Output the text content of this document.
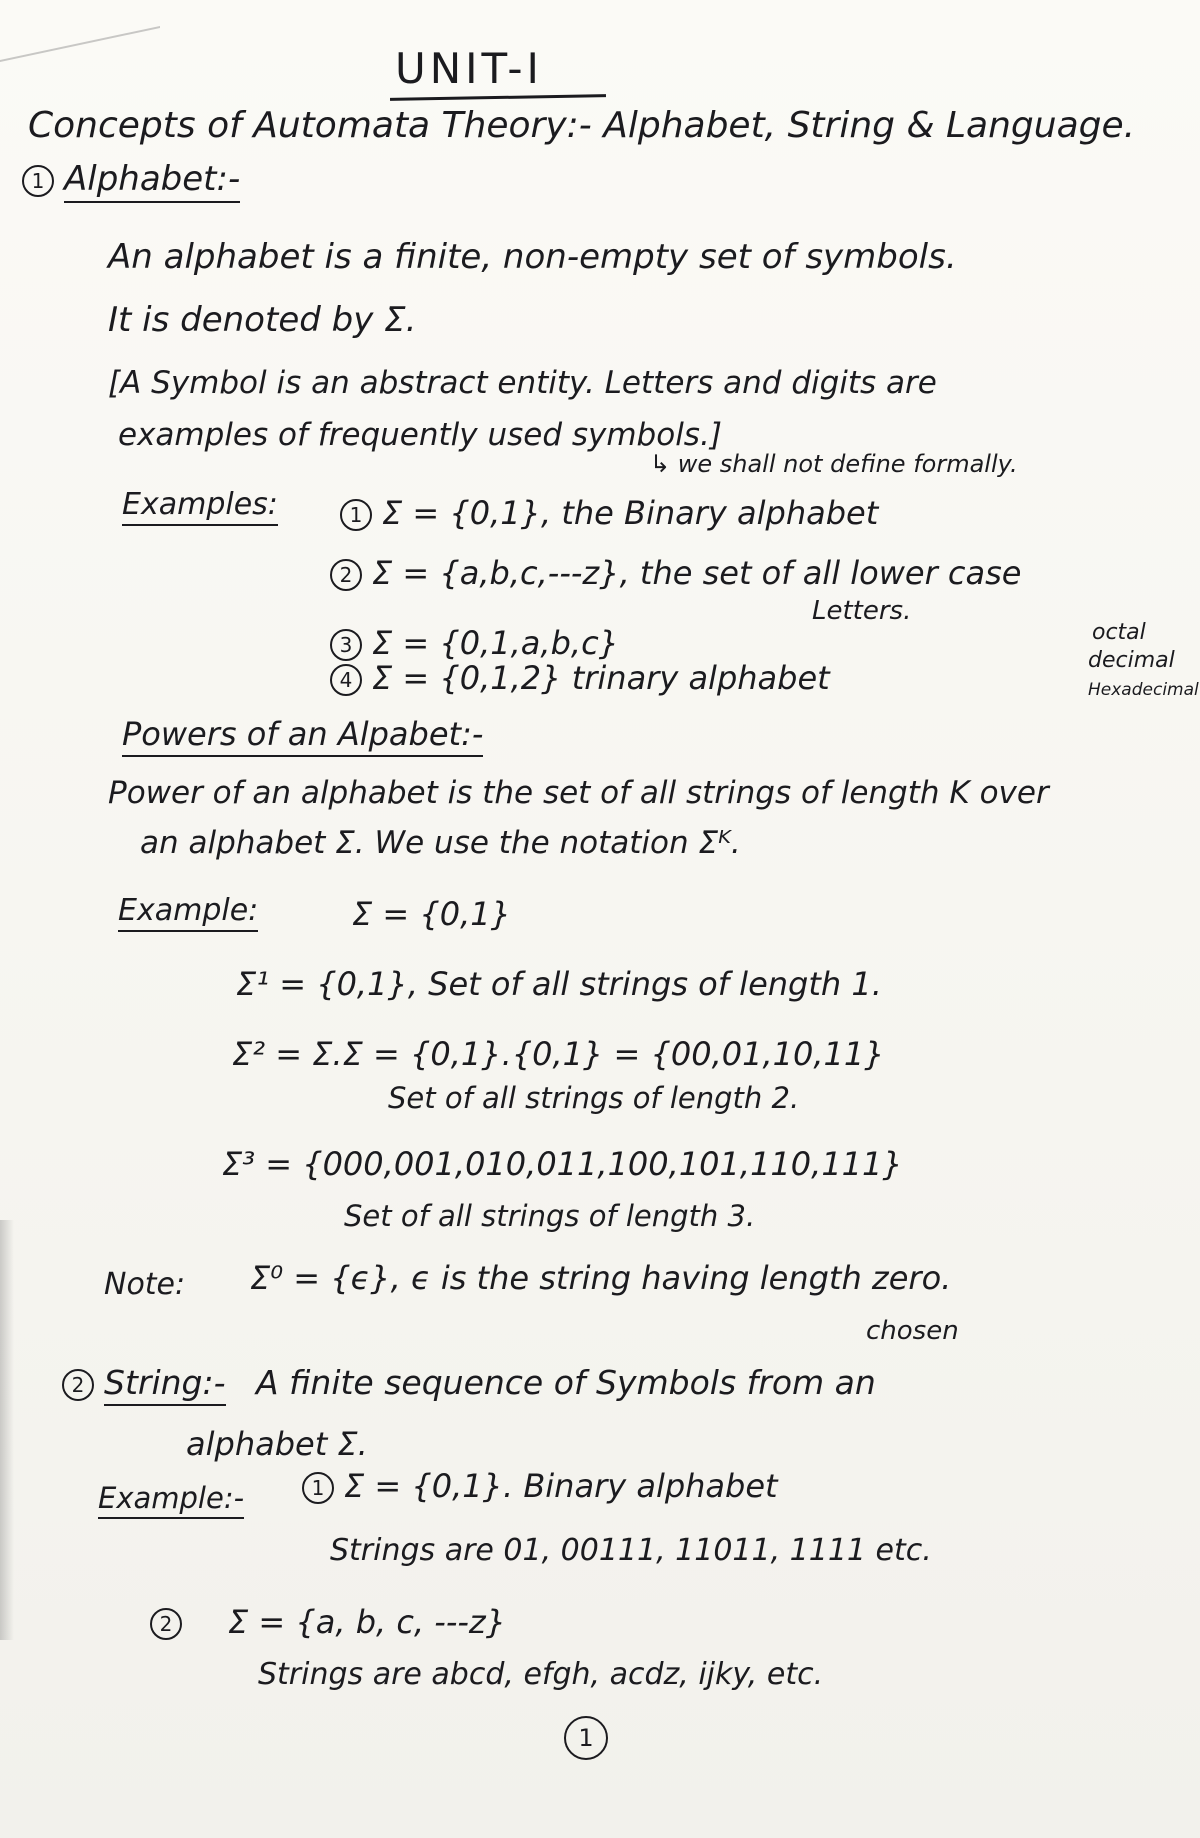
UNIT-I
Concepts of Automata Theory:- Alphabet, String & Language.
1 Alphabet:-
An alphabet is a finite, non-empty set of symbols.
It is denoted by Σ.
[A Symbol is an abstract entity. Letters and digits are
examples of frequently used symbols.]
↳ we shall not define formally.
Examples:	1 Σ = {0,1}, the Binary alphabet
2 Σ = {a,b,c,---z}, the set of all lower case
Letters.
3 Σ = {0,1,a,b,c}
4 Σ = {0,1,2} trinary alphabet
octal
decimal
Hexadecimal
Powers of an Alpabet:-
Power of an alphabet is the set of all strings of length K over
an alphabet Σ. We use the notation Σᴷ.
Example:	Σ = {0,1}
Σ¹ = {0,1}, Set of all strings of length 1.
Σ² = Σ.Σ = {0,1}.{0,1} = {00,01,10,11}
Set of all strings of length 2.
Σ³ = {000,001,010,011,100,101,110,111}
Set of all strings of length 3.
Note: Σ⁰ = {ϵ}, ϵ is the string having length zero.
chosen
2 String:- A finite sequence of Symbols from an
alphabet Σ.
Example:-	1 Σ = {0,1}. Binary alphabet
Strings are 01, 00111, 11011, 1111 etc.
2 Σ = {a, b, c, ---z}
Strings are abcd, efgh, acdz, ijky, etc.
1
